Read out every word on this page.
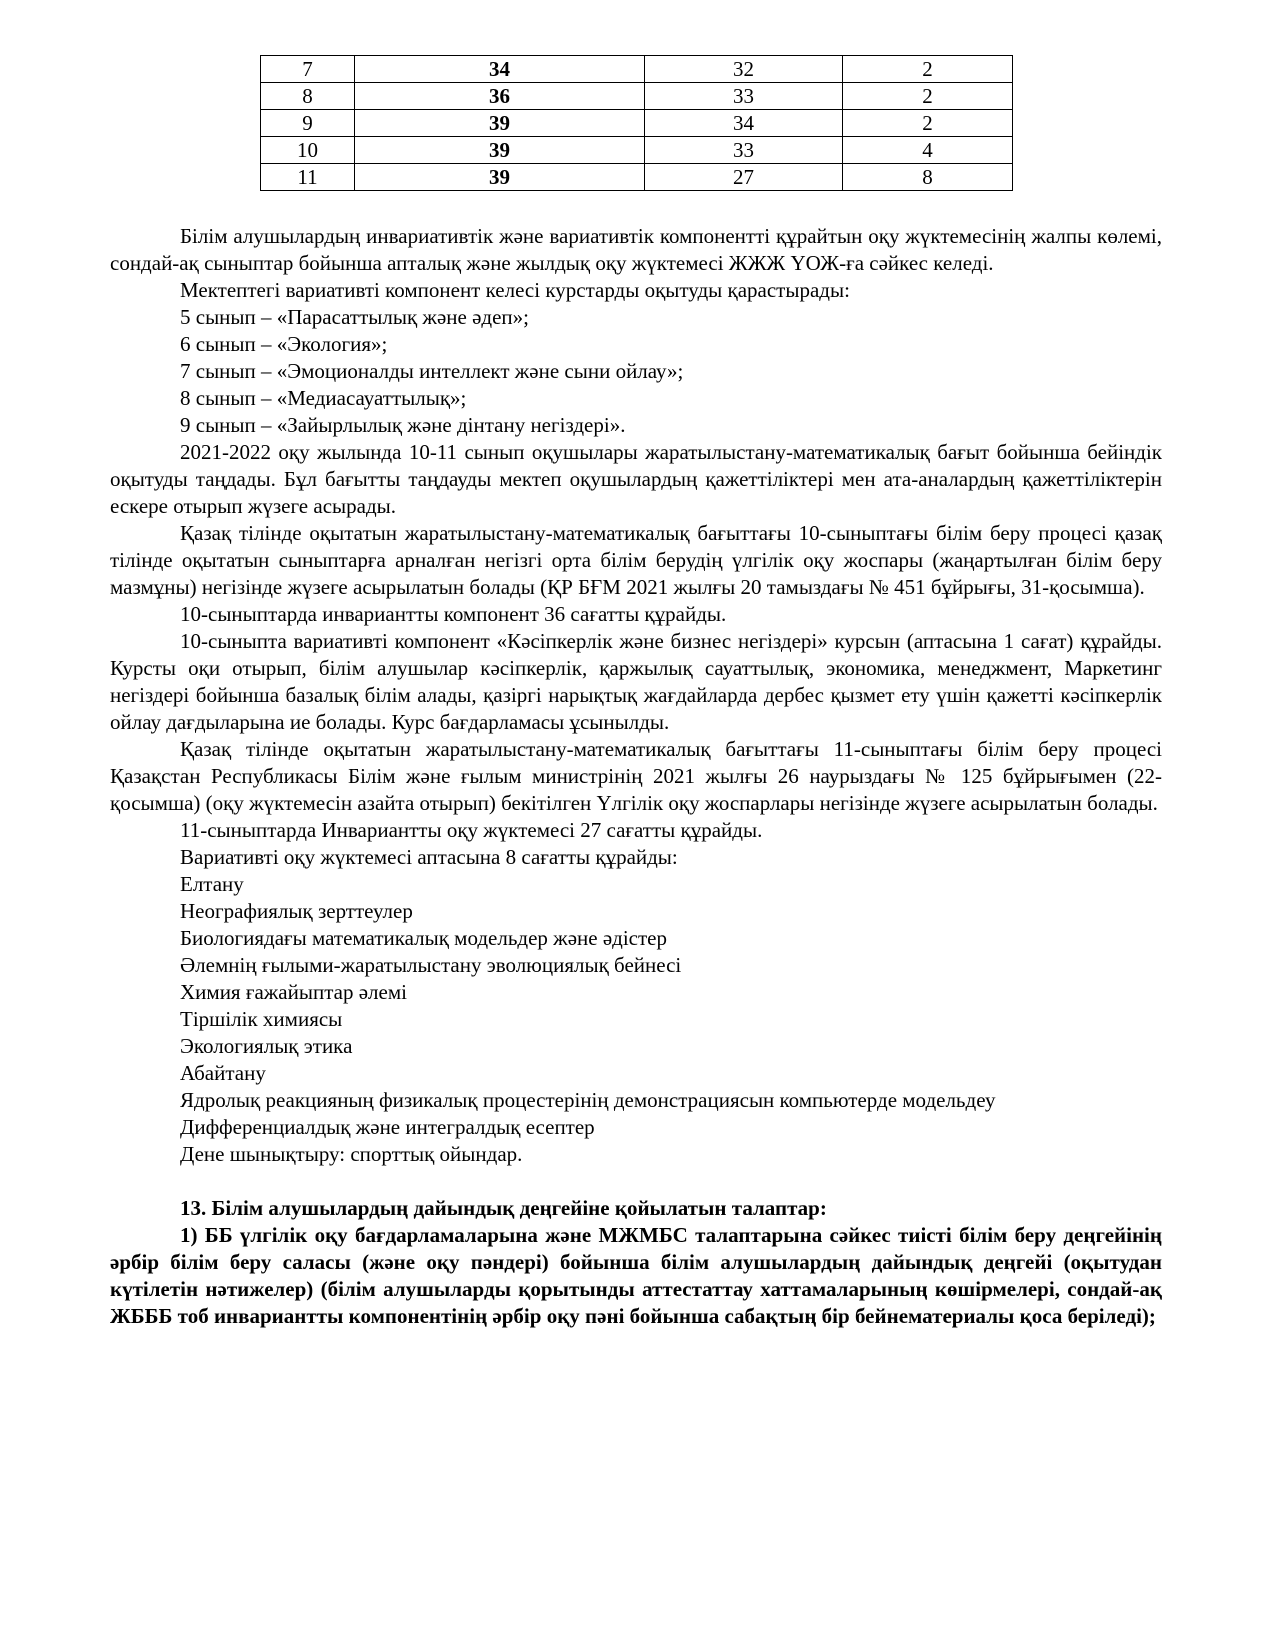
7	34	32	2
8	36	33	2
9	39	34	2
10	39	33	4
11	39	27	8

Білім алушылардың инвариативтік және вариативтік компонентті құрайтын оқу жүктемесінің жалпы көлемі, сондай-ақ сыныптар бойынша апталық және жылдық оқу жүктемесі ЖЖЖ ҮОЖ-ға сәйкес келеді.

Мектептегі вариативті компонент келесі курстарды оқытуды қарастырады:

5 сынып – «Парасаттылық және әдеп»;

6 сынып – «Экология»;

7 сынып – «Эмоционалды интеллект және сыни ойлау»;

8 сынып – «Медиасауаттылық»;

9 сынып – «Зайырлылық және дінтану негіздері».

2021-2022 оқу жылында 10-11 сынып оқушылары жаратылыстану-математикалық бағыт бойынша бейіндік оқытуды таңдады. Бұл бағытты таңдауды мектеп оқушылардың қажеттіліктері мен ата-аналардың қажеттіліктерін ескере отырып жүзеге асырады.

Қазақ тілінде оқытатын жаратылыстану-математикалық бағыттағы 10-сыныптағы білім беру процесі қазақ тілінде оқытатын сыныптарға арналған негізгі орта білім берудің үлгілік оқу жоспары (жаңартылған білім беру мазмұны) негізінде жүзеге асырылатын болады (ҚР БҒМ 2021 жылғы 20 тамыздағы № 451 бұйрығы, 31-қосымша).

10-сыныптарда инвариантты компонент 36 сағатты құрайды.

10-сыныпта вариативті компонент «Кәсіпкерлік және бизнес негіздері» курсын (аптасына 1 сағат) құрайды. Курсты оқи отырып, білім алушылар кәсіпкерлік, қаржылық сауаттылық, экономика, менеджмент, Маркетинг негіздері бойынша базалық білім алады, қазіргі нарықтық жағдайларда дербес қызмет ету үшін қажетті кәсіпкерлік ойлау дағдыларына ие болады. Курс бағдарламасы ұсынылды.

Қазақ тілінде оқытатын жаратылыстану-математикалық бағыттағы 11-сыныптағы білім беру процесі Қазақстан Республикасы Білім және ғылым министрінің 2021 жылғы 26 наурыздағы № 125 бұйрығымен (22-қосымша) (оқу жүктемесін азайта отырып) бекітілген Үлгілік оқу жоспарлары негізінде жүзеге асырылатын болады.

11-сыныптарда Инвариантты оқу жүктемесі 27 сағатты құрайды.

Вариативті оқу жүктемесі аптасына 8 сағатты құрайды:

Елтану

Неографиялық зерттеулер

Биологиядағы математикалық модельдер және әдістер

Әлемнің ғылыми-жаратылыстану эволюциялық бейнесі

Химия ғажайыптар әлемі

Тіршілік химиясы

Экологиялық этика

Абайтану

Ядролық реакцияның физикалық процестерінің демонстрациясын компьютерде модельдеу

Дифференциалдық және интегралдық есептер

Дене шынықтыру: спорттық ойындар.

13. Білім алушылардың дайындық деңгейіне қойылатын талаптар:

1) ББ үлгілік оқу бағдарламаларына және МЖМБС талаптарына сәйкес тиісті білім беру деңгейінің әрбір білім беру саласы (және оқу пәндері) бойынша білім алушылардың дайындық деңгейі (оқытудан күтілетін нәтижелер) (білім алушыларды қорытынды аттестаттау хаттамаларының көшірмелері, сондай-ақ ЖБББ тоб инвариантты компонентінің әрбір оқу пәні бойынша сабақтың бір бейнематериалы қоса беріледі);
